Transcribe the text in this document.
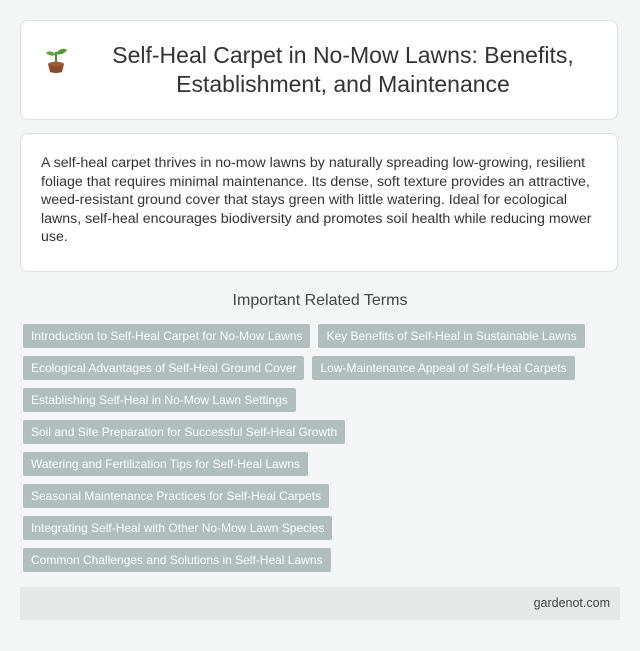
Self-Heal Carpet in No-Mow Lawns: Benefits, Establishment, and Maintenance

A self-heal carpet thrives in no-mow lawns by naturally spreading low-growing, resilient foliage that requires minimal maintenance. Its dense, soft texture provides an attractive, weed-resistant ground cover that stays green with little watering. Ideal for ecological lawns, self-heal encourages biodiversity and promotes soil health while reducing mower use.

Important Related Terms
Introduction to Self-Heal Carpet for No-Mow Lawns	Key Benefits of Self-Heal in Sustainable Lawns
Ecological Advantages of Self-Heal Ground Cover	Low-Maintenance Appeal of Self-Heal Carpets
Establishing Self-Heal in No-Mow Lawn Settings
Soil and Site Preparation for Successful Self-Heal Growth
Watering and Fertilization Tips for Self-Heal Lawns
Seasonal Maintenance Practices for Self-Heal Carpets
Integrating Self-Heal with Other No-Mow Lawn Species
Common Challenges and Solutions in Self-Heal Lawns
gardenot.com
